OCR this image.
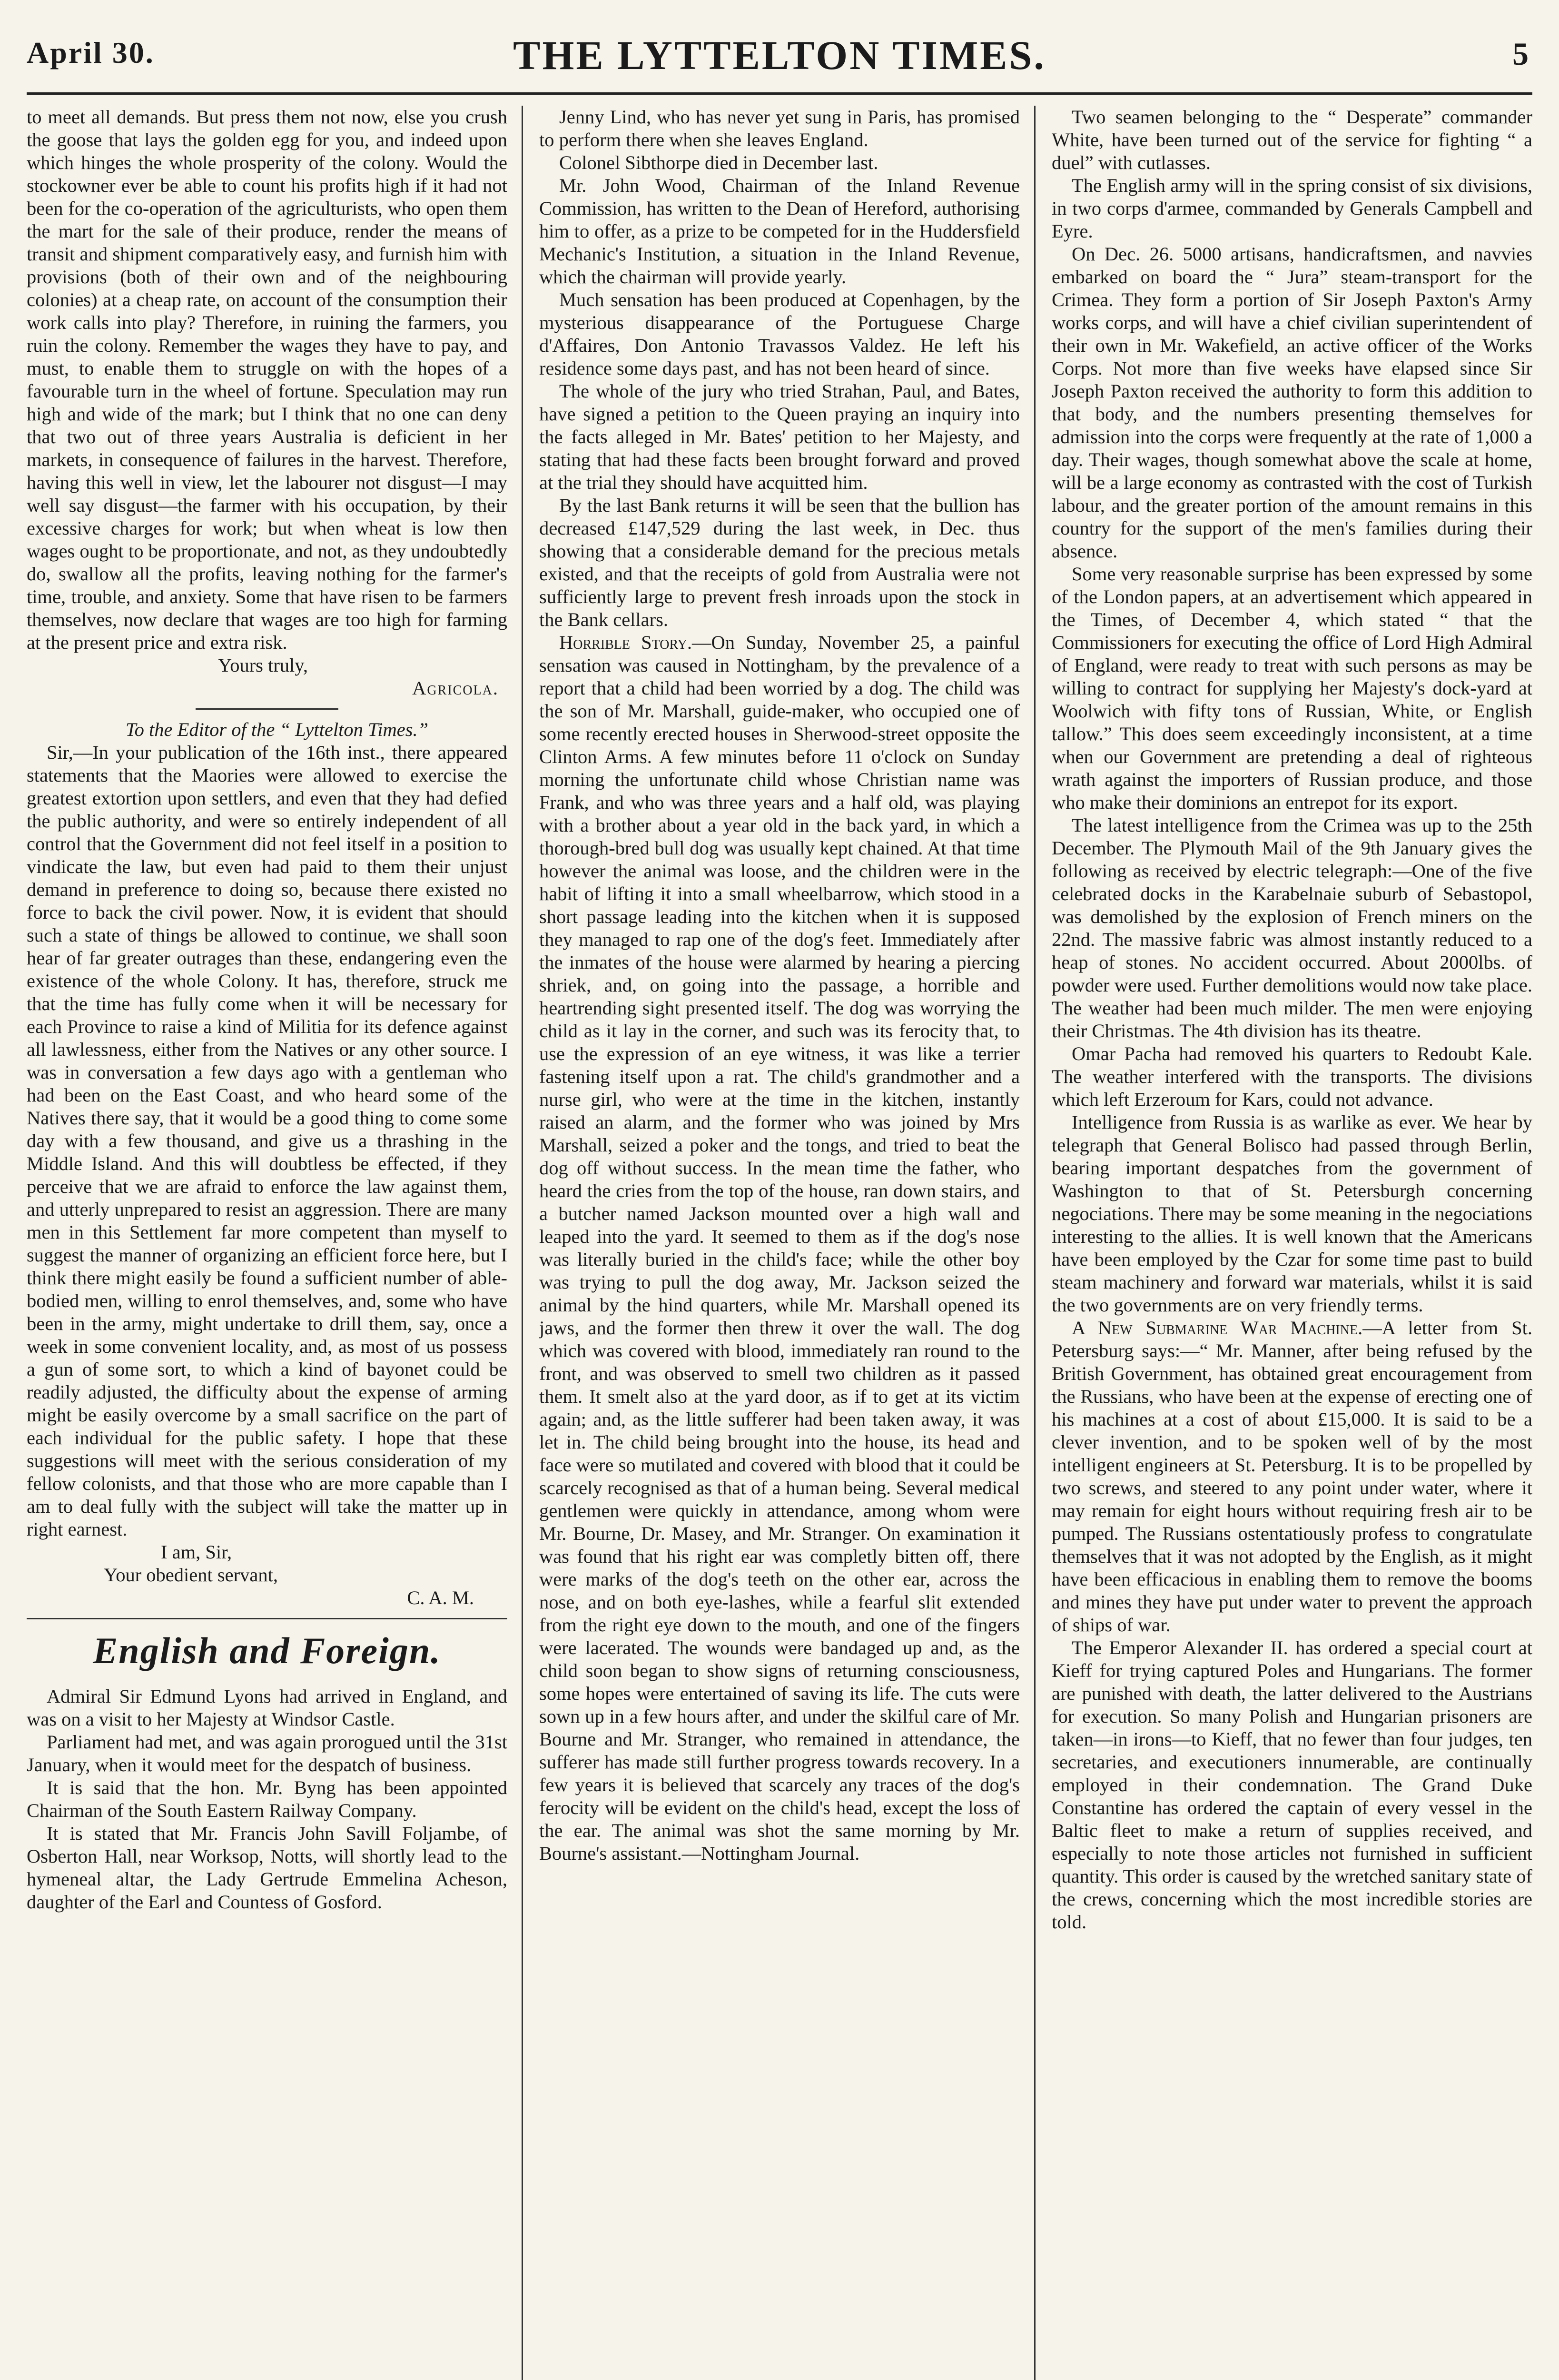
April 30.	THE LYTTELTON TIMES.	5

to meet all demands. But press them not now, else you crush the goose that lays the golden egg for you, and indeed upon which hinges the whole prosperity of the colony. Would the stockowner ever be able to count his profits high if it had not been for the co-operation of the agriculturists, who open them the mart for the sale of their produce, render the means of transit and shipment comparatively easy, and furnish him with provisions (both of their own and of the neighbouring colonies) at a cheap rate, on account of the consumption their work calls into play? Therefore, in ruining the farmers, you ruin the colony. Remember the wages they have to pay, and must, to enable them to struggle on with the hopes of a favourable turn in the wheel of fortune. Speculation may run high and wide of the mark; but I think that no one can deny that two out of three years Australia is deficient in her markets, in consequence of failures in the harvest. Therefore, having this well in view, let the labourer not disgust—I may well say disgust—the farmer with his occupation, by their excessive charges for work; but when wheat is low then wages ought to be proportionate, and not, as they undoubtedly do, swallow all the profits, leaving nothing for the farmer's time, trouble, and anxiety. Some that have risen to be farmers themselves, now declare that wages are too high for farming at the present price and extra risk.

Yours truly,

Agricola.

To the Editor of the “ Lyttelton Times.”

Sir,—In your publication of the 16th inst., there appeared statements that the Maories were allowed to exercise the greatest extortion upon settlers, and even that they had defied the public authority, and were so entirely independent of all control that the Government did not feel itself in a position to vindicate the law, but even had paid to them their unjust demand in preference to doing so, because there existed no force to back the civil power. Now, it is evident that should such a state of things be allowed to continue, we shall soon hear of far greater outrages than these, endangering even the existence of the whole Colony. It has, therefore, struck me that the time has fully come when it will be necessary for each Province to raise a kind of Militia for its defence against all lawlessness, either from the Natives or any other source. I was in conversation a few days ago with a gentleman who had been on the East Coast, and who heard some of the Natives there say, that it would be a good thing to come some day with a few thousand, and give us a thrashing in the Middle Island. And this will doubtless be effected, if they perceive that we are afraid to enforce the law against them, and utterly unprepared to resist an aggression. There are many men in this Settlement far more competent than myself to suggest the manner of organizing an efficient force here, but I think there might easily be found a sufficient number of able-bodied men, willing to enrol themselves, and, some who have been in the army, might undertake to drill them, say, once a week in some convenient locality, and, as most of us possess a gun of some sort, to which a kind of bayonet could be readily adjusted, the difficulty about the expense of arming might be easily overcome by a small sacrifice on the part of each individual for the public safety. I hope that these suggestions will meet with the serious consideration of my fellow colonists, and that those who are more capable than I am to deal fully with the subject will take the matter up in right earnest.

I am, Sir,

Your obedient servant,

C. A. M.

English and Foreign.

Admiral Sir Edmund Lyons had arrived in England, and was on a visit to her Majesty at Windsor Castle.

Parliament had met, and was again prorogued until the 31st January, when it would meet for the despatch of business.

It is said that the hon. Mr. Byng has been appointed Chairman of the South Eastern Railway Company.

It is stated that Mr. Francis John Savill Foljambe, of Osberton Hall, near Worksop, Notts, will shortly lead to the hymeneal altar, the Lady Gertrude Emmelina Acheson, daughter of the Earl and Countess of Gosford.

Jenny Lind, who has never yet sung in Paris, has promised to perform there when she leaves England.

Colonel Sibthorpe died in December last.

Mr. John Wood, Chairman of the Inland Revenue Commission, has written to the Dean of Hereford, authorising him to offer, as a prize to be competed for in the Huddersfield Mechanic's Institution, a situation in the Inland Revenue, which the chairman will provide yearly.

Much sensation has been produced at Copenhagen, by the mysterious disappearance of the Portuguese Charge d'Affaires, Don Antonio Travassos Valdez. He left his residence some days past, and has not been heard of since.

The whole of the jury who tried Strahan, Paul, and Bates, have signed a petition to the Queen praying an inquiry into the facts alleged in Mr. Bates' petition to her Majesty, and stating that had these facts been brought forward and proved at the trial they should have acquitted him.

By the last Bank returns it will be seen that the bullion has decreased £147,529 during the last week, in Dec. thus showing that a considerable demand for the precious metals existed, and that the receipts of gold from Australia were not sufficiently large to prevent fresh inroads upon the stock in the Bank cellars.

Horrible Story.—On Sunday, November 25, a painful sensation was caused in Nottingham, by the prevalence of a report that a child had been worried by a dog. The child was the son of Mr. Marshall, guide-maker, who occupied one of some recently erected houses in Sherwood-street opposite the Clinton Arms. A few minutes before 11 o'clock on Sunday morning the unfortunate child whose Christian name was Frank, and who was three years and a half old, was playing with a brother about a year old in the back yard, in which a thorough-bred bull dog was usually kept chained. At that time however the animal was loose, and the children were in the habit of lifting it into a small wheelbarrow, which stood in a short passage leading into the kitchen when it is supposed they managed to rap one of the dog's feet. Immediately after the inmates of the house were alarmed by hearing a piercing shriek, and, on going into the passage, a horrible and heartrending sight presented itself. The dog was worrying the child as it lay in the corner, and such was its ferocity that, to use the expression of an eye witness, it was like a terrier fastening itself upon a rat. The child's grandmother and a nurse girl, who were at the time in the kitchen, instantly raised an alarm, and the former who was joined by Mrs Marshall, seized a poker and the tongs, and tried to beat the dog off without success. In the mean time the father, who heard the cries from the top of the house, ran down stairs, and a butcher named Jackson mounted over a high wall and leaped into the yard. It seemed to them as if the dog's nose was literally buried in the child's face; while the other boy was trying to pull the dog away, Mr. Jackson seized the animal by the hind quarters, while Mr. Marshall opened its jaws, and the former then threw it over the wall. The dog which was covered with blood, immediately ran round to the front, and was observed to smell two children as it passed them. It smelt also at the yard door, as if to get at its victim again; and, as the little sufferer had been taken away, it was let in. The child being brought into the house, its head and face were so mutilated and covered with blood that it could be scarcely recognised as that of a human being. Several medical gentlemen were quickly in attendance, among whom were Mr. Bourne, Dr. Masey, and Mr. Stranger. On examination it was found that his right ear was completly bitten off, there were marks of the dog's teeth on the other ear, across the nose, and on both eye-lashes, while a fearful slit extended from the right eye down to the mouth, and one of the fingers were lacerated. The wounds were bandaged up and, as the child soon began to show signs of returning consciousness, some hopes were entertained of saving its life. The cuts were sown up in a few hours after, and under the skilful care of Mr. Bourne and Mr. Stranger, who remained in attendance, the sufferer has made still further progress towards recovery. In a few years it is believed that scarcely any traces of the dog's ferocity will be evident on the child's head, except the loss of the ear. The animal was shot the same morning by Mr. Bourne's assistant.—Nottingham Journal.

Two seamen belonging to the “ Desperate” commander White, have been turned out of the service for fighting “ a duel” with cutlasses.

The English army will in the spring consist of six divisions, in two corps d'armee, commanded by Generals Campbell and Eyre.

On Dec. 26. 5000 artisans, handicraftsmen, and navvies embarked on board the “ Jura” steam-transport for the Crimea. They form a portion of Sir Joseph Paxton's Army works corps, and will have a chief civilian superintendent of their own in Mr. Wakefield, an active officer of the Works Corps. Not more than five weeks have elapsed since Sir Joseph Paxton received the authority to form this addition to that body, and the numbers presenting themselves for admission into the corps were frequently at the rate of 1,000 a day. Their wages, though somewhat above the scale at home, will be a large economy as contrasted with the cost of Turkish labour, and the greater portion of the amount remains in this country for the support of the men's families during their absence.

Some very reasonable surprise has been expressed by some of the London papers, at an advertisement which appeared in the Times, of December 4, which stated “ that the Commissioners for executing the office of Lord High Admiral of England, were ready to treat with such persons as may be willing to contract for supplying her Majesty's dock-yard at Woolwich with fifty tons of Russian, White, or English tallow.” This does seem exceedingly inconsistent, at a time when our Government are pretending a deal of righteous wrath against the importers of Russian produce, and those who make their dominions an entrepot for its export.

The latest intelligence from the Crimea was up to the 25th December. The Plymouth Mail of the 9th January gives the following as received by electric telegraph:—One of the five celebrated docks in the Karabelnaie suburb of Sebastopol, was demolished by the explosion of French miners on the 22nd. The massive fabric was almost instantly reduced to a heap of stones. No accident occurred. About 2000lbs. of powder were used. Further demolitions would now take place. The weather had been much milder. The men were enjoying their Christmas. The 4th division has its theatre.

Omar Pacha had removed his quarters to Redoubt Kale. The weather interfered with the transports. The divisions which left Erzeroum for Kars, could not advance.

Intelligence from Russia is as warlike as ever. We hear by telegraph that General Bolisco had passed through Berlin, bearing important despatches from the government of Washington to that of St. Petersburgh concerning negociations. There may be some meaning in the negociations interesting to the allies. It is well known that the Americans have been employed by the Czar for some time past to build steam machinery and forward war materials, whilst it is said the two governments are on very friendly terms.

A New Submarine War Machine.—A letter from St. Petersburg says:—“ Mr. Manner, after being refused by the British Government, has obtained great encouragement from the Russians, who have been at the expense of erecting one of his machines at a cost of about £15,000. It is said to be a clever invention, and to be spoken well of by the most intelligent engineers at St. Petersburg. It is to be propelled by two screws, and steered to any point under water, where it may remain for eight hours without requiring fresh air to be pumped. The Russians ostentatiously profess to congratulate themselves that it was not adopted by the English, as it might have been efficacious in enabling them to remove the booms and mines they have put under water to prevent the approach of ships of war.

The Emperor Alexander II. has ordered a special court at Kieff for trying captured Poles and Hungarians. The former are punished with death, the latter delivered to the Austrians for execution. So many Polish and Hungarian prisoners are taken—in irons—to Kieff, that no fewer than four judges, ten secretaries, and executioners innumerable, are continually employed in their condemnation. The Grand Duke Constantine has ordered the captain of every vessel in the Baltic fleet to make a return of supplies received, and especially to note those articles not furnished in sufficient quantity. This order is caused by the wretched sanitary state of the crews, concerning which the most incredible stories are told.
